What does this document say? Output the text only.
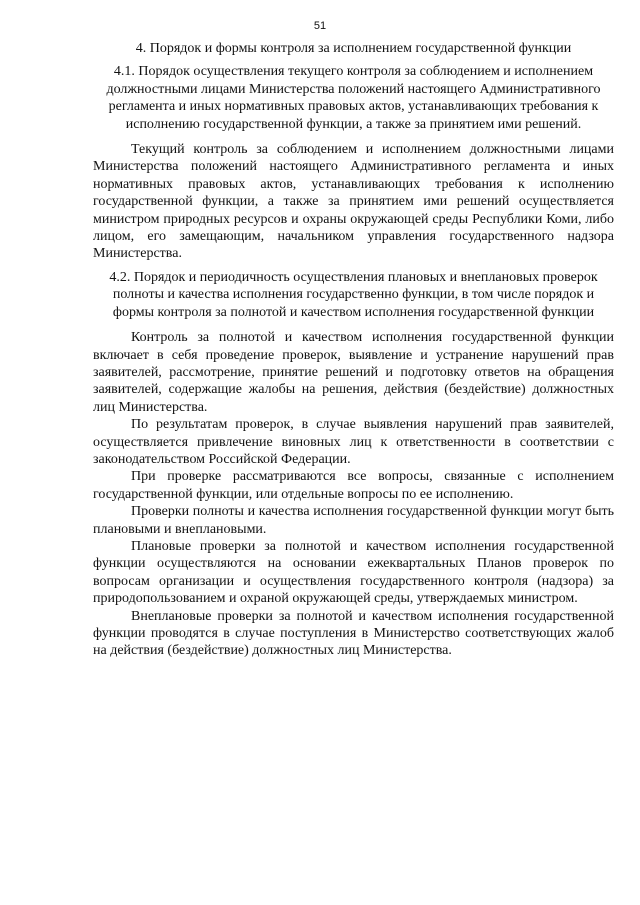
51

4. Порядок и формы контроля за исполнением государственной функции

4.1. Порядок осуществления текущего контроля за соблюдением и исполнением должностными лицами Министерства положений настоящего Административного регламента и иных нормативных правовых актов, устанавливающих требования к исполнению государственной функции, а также за принятием ими решений.

Текущий контроль за соблюдением и исполнением должностными лицами Министерства положений настоящего Административного регламента и иных нормативных правовых актов, устанавливающих требования к исполнению государственной функции, а также за принятием ими решений осуществляется министром природных ресурсов и охраны окружающей среды Республики Коми, либо лицом, его замещающим, начальником управления государственного надзора Министерства.

4.2. Порядок и периодичность осуществления плановых и внеплановых проверок полноты и качества исполнения государственно функции, в том числе порядок и формы контроля за полнотой и качеством исполнения государственной функции

Контроль за полнотой и качеством исполнения государственной функции включает в себя проведение проверок, выявление и устранение нарушений прав заявителей, рассмотрение, принятие решений и подготовку ответов на обращения заявителей, содержащие жалобы на решения, действия (бездействие) должностных лиц Министерства.

По результатам проверок, в случае выявления нарушений прав заявителей, осуществляется привлечение виновных лиц к ответственности в соответствии с законодательством Российской Федерации.

При проверке рассматриваются все вопросы, связанные с исполнением государственной функции, или отдельные вопросы по ее исполнению.

Проверки полноты и качества исполнения государственной функции могут быть плановыми и внеплановыми.

Плановые проверки за полнотой и качеством исполнения государственной функции осуществляются на основании ежеквартальных Планов проверок по вопросам организации и осуществления государственного контроля (надзора) за природопользованием и охраной окружающей среды, утверждаемых министром.

Внеплановые проверки за полнотой и качеством исполнения государственной функции проводятся в случае поступления в Министерство соответствующих жалоб на действия (бездействие) должностных лиц Министерства.
